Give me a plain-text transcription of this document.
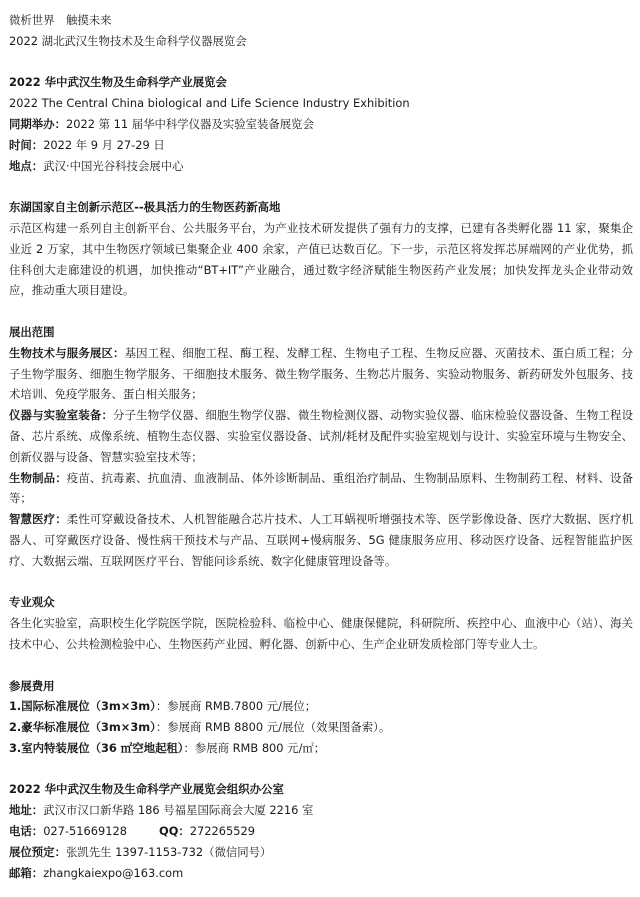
微析世界　触摸未来
2022 湖北武汉生物技术及生命科学仪器展览会
2022 华中武汉生物及生命科学产业展览会
2022 The Central China biological and Life Science Industry Exhibition
同期举办：2022 第 11 届华中科学仪器及实验室装备展览会
时间：2022 年 9 月 27-29 日
地点：武汉·中国光谷科技会展中心
东湖国家自主创新示范区--极具活力的生物医药新高地
示范区构建一系列自主创新平台、公共服务平台，为产业技术研发提供了强有力的支撑，已建有各类孵化器 11 家，聚集企业近 2 万家，其中生物医疗领域已集聚企业 400 余家，产值已达数百亿。下一步，示范区将发挥芯屏端网的产业优势，抓住科创大走廊建设的机遇，加快推动“BT+IT”产业融合，通过数字经济赋能生物医药产业发展；加快发挥龙头企业带动效应，推动重大项目建设。
展出范围
生物技术与服务展区：基因工程、细胞工程、酶工程、发酵工程、生物电子工程、生物反应器、灭菌技术、蛋白质工程；分子生物学服务、细胞生物学服务、干细胞技术服务、微生物学服务、生物芯片服务、实验动物服务、新药研发外包服务、技术培训、免疫学服务、蛋白相关服务；
仪器与实验室装备：分子生物学仪器、细胞生物学仪器、微生物检测仪器、动物实验仪器、临床检验仪器设备、生物工程设备、芯片系统、成像系统、植物生态仪器、实验室仪器设备、试剂/耗材及配件实验室规划与设计、实验室环境与生物安全、创新仪器与设备、智慧实验室技术等；
生物制品：疫苗、抗毒素、抗血清、血液制品、体外诊断制品、重组治疗制品、生物制品原料、生物制药工程、材料、设备等；
智慧医疗：柔性可穿戴设备技术、人机智能融合芯片技术、人工耳蜗视听增强技术等、医学影像设备、医疗大数据、医疗机器人、可穿戴医疗设备、慢性病干预技术与产品、互联网+慢病服务、5G 健康服务应用、移动医疗设备、远程智能监护医疗、大数据云端、互联网医疗平台、智能问诊系统、数字化健康管理设备等。
专业观众
各生化实验室，高职校生化学院医学院，医院检验科、临检中心、健康保健院，科研院所、疾控中心、血液中心（站）、海关技术中心、公共检测检验中心、生物医药产业园、孵化器、创新中心、生产企业研发质检部门等专业人士。
参展费用
1.国际标准展位（3m×3m）：参展商 RMB.7800 元/展位；
2.豪华标准展位（3m×3m）：参展商 RMB 8800 元/展位（效果图备索）。
3.室内特装展位（36 ㎡空地起租）：参展商 RMB 800 元/㎡；
2022 华中武汉生物及生命科学产业展览会组织办公室
地址：武汉市汉口新华路 186 号福星国际商会大厦 2216 室
电话：027-51669128	QQ：272265529
展位预定：张凯先生 1397-1153-732（微信同号）
邮箱：zhangkaiexpo@163.com
